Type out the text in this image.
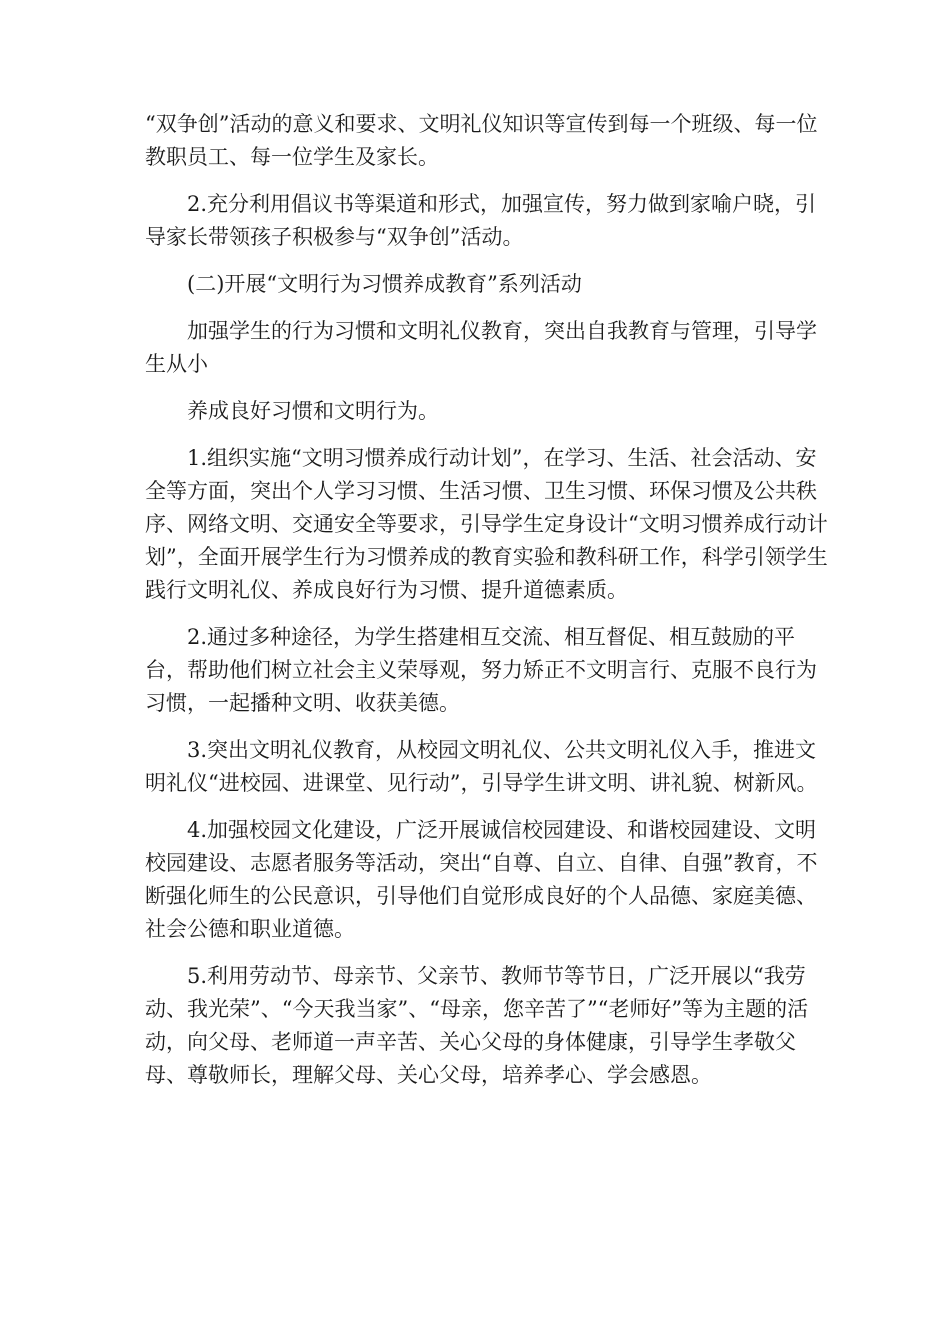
“双争创”活动的意义和要求、文明礼仪知识等宣传到每一个班级、每一位教职员工、每一位学生及家长。

2.充分利用倡议书等渠道和形式，加强宣传，努力做到家喻户晓，引导家长带领孩子积极参与“双争创”活动。

(二)开展“文明行为习惯养成教育”系列活动

加强学生的行为习惯和文明礼仪教育，突出自我教育与管理，引导学生从小

养成良好习惯和文明行为。

1.组织实施“文明习惯养成行动计划”，在学习、生活、社会活动、安全等方面，突出个人学习习惯、生活习惯、卫生习惯、环保习惯及公共秩序、网络文明、交通安全等要求，引导学生定身设计“文明习惯养成行动计划”，全面开展学生行为习惯养成的教育实验和教科研工作，科学引领学生践行文明礼仪、养成良好行为习惯、提升道德素质。

2.通过多种途径，为学生搭建相互交流、相互督促、相互鼓励的平台，帮助他们树立社会主义荣辱观，努力矫正不文明言行、克服不良行为习惯，一起播种文明、收获美德。

3.突出文明礼仪教育，从校园文明礼仪、公共文明礼仪入手，推进文明礼仪“进校园、进课堂、见行动”，引导学生讲文明、讲礼貌、树新风。

4.加强校园文化建设，广泛开展诚信校园建设、和谐校园建设、文明校园建设、志愿者服务等活动，突出“自尊、自立、自律、自强”教育，不断强化师生的公民意识，引导他们自觉形成良好的个人品德、家庭美德、社会公德和职业道德。

5.利用劳动节、母亲节、父亲节、教师节等节日，广泛开展以“我劳动、我光荣”、“今天我当家”、“母亲，您辛苦了”“老师好”等为主题的活动，向父母、老师道一声辛苦、关心父母的身体健康，引导学生孝敬父母、尊敬师长，理解父母、关心父母，培养孝心、学会感恩。
